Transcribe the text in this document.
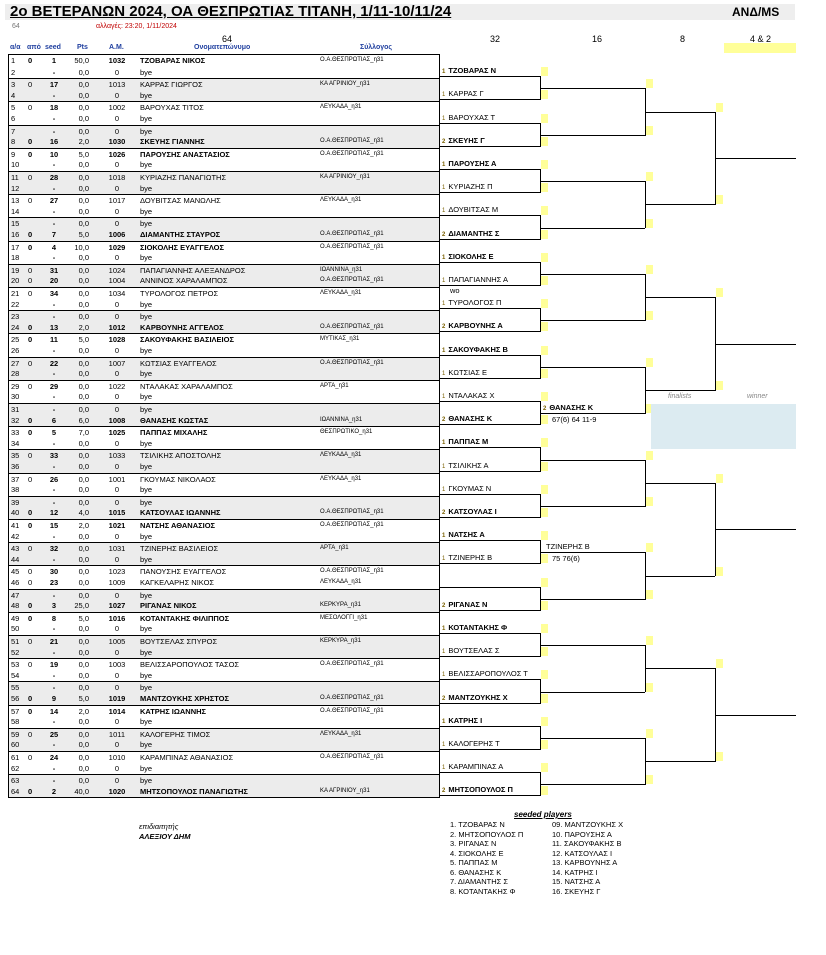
2ο ΒΕΤΕΡΑΝΩΝ 2024, ΟΑ ΘΕΣΠΡΩΤΙΑΣ ΤΙΤΑΝΗ, 1/11-10/11/24	ΑΝΔ/MS
64	αλλαγές: 23:20, 1/11/2024
64
α/α από seed Pts	Α.Μ.	Ονοματεπώνυμο	Σύλλογος
32	16	8	4 & 2
1	0	1	50,0	1032	ΤΖΟΒΑΡΑΣ ΝΙΚΟΣ	Ο.Α.ΘΕΣΠΡΩΤΙΑΣ_η31
2	-	0,0	0	bye
3	0	17	0,0	1013	ΚΑΡΡΑΣ ΓΙΩΡΓΟΣ	ΚΑ ΑΓΡΙΝΙΟΥ_η31
4	-	0,0	0	bye
5	0	18	0,0	1002	ΒΑΡΟΥΧΑΣ ΤΙΤΟΣ	ΛΕΥΚΑΔΑ_η31
6	-	0,0	0	bye
7	-	0,0	0	bye
8	0	16	2,0	1030	ΣΚΕΥΗΣ ΓΙΑΝΝΗΣ	Ο.Α.ΘΕΣΠΡΩΤΙΑΣ_η31
9	0	10	5,0	1026	ΠΑΡΟΥΣΗΣ ΑΝΑΣΤΑΣΙΟΣ	Ο.Α.ΘΕΣΠΡΩΤΙΑΣ_η31
10	-	0,0	0	bye
11	0	28	0,0	1018	ΚΥΡΙΑΖΗΣ ΠΑΝΑΓΙΩΤΗΣ	ΚΑ ΑΓΡΙΝΙΟΥ_η31
12	-	0,0	0	bye
13	0	27	0,0	1017	ΔΟΥΒΙΤΣΑΣ ΜΑΝΩΛΗΣ	ΛΕΥΚΑΔΑ_η31
14	-	0,0	0	bye
15	-	0,0	0	bye
16	0	7	5,0	1006	ΔΙΑΜΑΝΤΗΣ ΣΤΑΥΡΟΣ	Ο.Α.ΘΕΣΠΡΩΤΙΑΣ_η31
17	0	4	10,0	1029	ΣΙΟΚΟΛΗΣ ΕΥΑΓΓΕΛΟΣ	Ο.Α.ΘΕΣΠΡΩΤΙΑΣ_η31
18	-	0,0	0	bye
19	0	31	0,0	1024	ΠΑΠΑΓΙΑΝΝΗΣ ΑΛΕΞΑΝΔΡΟΣ	ΙΩΑΝΝΙΝΑ_η31
20	0	20	0,0	1004	ΑΝΝΙΝΟΣ ΧΑΡΑΛΑΜΠΟΣ	Ο.Α.ΘΕΣΠΡΩΤΙΑΣ_η31
21	0	34	0,0	1034	ΤΥΡΟΛΟΓΟΣ ΠΕΤΡΟΣ	ΛΕΥΚΑΔΑ_η31
22	-	0,0	0	bye
23	-	0,0	0	bye
24	0	13	2,0	1012	ΚΑΡΒΟΥΝΗΣ ΑΓΓΕΛΟΣ	Ο.Α.ΘΕΣΠΡΩΤΙΑΣ_η31
25	0	11	5,0	1028	ΣΑΚΟΥΦΑΚΗΣ ΒΑΣΙΛΕΙΟΣ	ΜΥΤΙΚΑΣ_η31
26	-	0,0	0	bye
27	0	22	0,0	1007	ΚΩΤΣΙΑΣ ΕΥΑΓΓΕΛΟΣ	Ο.Α.ΘΕΣΠΡΩΤΙΑΣ_η31
28	-	0,0	0	bye
29	0	29	0,0	1022	ΝΤΑΛΑΚΑΣ ΧΑΡΑΛΑΜΠΟΣ	ΑΡΤΑ_η31
30	-	0,0	0	bye
31	-	0,0	0	bye
32	0	6	6,0	1008	ΘΑΝΑΣΗΣ ΚΩΣΤΑΣ	ΙΩΑΝΝΙΝΑ_η31
33	0	5	7,0	1025	ΠΑΠΠΑΣ ΜΙΧΑΛΗΣ	ΘΕΣΠΡΩΤΙΚΟ_η31
34	-	0,0	0	bye
35	0	33	0,0	1033	ΤΣΙΛΙΚΗΣ ΑΠΟΣΤΟΛΗΣ	ΛΕΥΚΑΔΑ_η31
36	-	0,0	0	bye
37	0	26	0,0	1001	ΓΚΟΥΜΑΣ ΝΙΚΟΛΑΟΣ	ΛΕΥΚΑΔΑ_η31
38	-	0,0	0	bye
39	-	0,0	0	bye
40	0	12	4,0	1015	ΚΑΤΣΟΥΛΑΣ ΙΩΑΝΝΗΣ	Ο.Α.ΘΕΣΠΡΩΤΙΑΣ_η31
41	0	15	2,0	1021	ΝΑΤΣΗΣ ΑΘΑΝΑΣΙΟΣ	Ο.Α.ΘΕΣΠΡΩΤΙΑΣ_η31
42	-	0,0	0	bye
43	0	32	0,0	1031	ΤΖΙΝΕΡΗΣ ΒΑΣΙΛΕΙΟΣ	ΑΡΤΑ_η31
44	-	0,0	0	bye
45	0	30	0,0	1023	ΠΑΝΟΥΣΗΣ ΕΥΑΓΓΕΛΟΣ	Ο.Α.ΘΕΣΠΡΩΤΙΑΣ_η31
46	0	23	0,0	1009	ΚΑΓΚΕΛΑΡΗΣ ΝΙΚΟΣ	ΛΕΥΚΑΔΑ_η31
47	-	0,0	0	bye
48	0	3	25,0	1027	ΡΙΓΑΝΑΣ ΝΙΚΟΣ	ΚΕΡΚΥΡΑ_η31
49	0	8	5,0	1016	ΚΟΤΑΝΤΑΚΗΣ ΦΙΛΙΠΠΟΣ	ΜΕΣΟΛΟΓΓΙ_η31
50	-	0,0	0	bye
51	0	21	0,0	1005	ΒΟΥΤΣΕΛΑΣ ΣΠΥΡΟΣ	ΚΕΡΚΥΡΑ_η31
52	-	0,0	0	bye
53	0	19	0,0	1003	ΒΕΛΙΣΣΑΡΟΠΟΥΛΟΣ ΤΑΣΟΣ	Ο.Α.ΘΕΣΠΡΩΤΙΑΣ_η31
54	-	0,0	0	bye
55	-	0,0	0	bye
56	0	9	5,0	1019	ΜΑΝΤΖΟΥΚΗΣ ΧΡΗΣΤΟΣ	Ο.Α.ΘΕΣΠΡΩΤΙΑΣ_η31
57	0	14	2,0	1014	ΚΑΤΡΗΣ ΙΩΑΝΝΗΣ	Ο.Α.ΘΕΣΠΡΩΤΙΑΣ_η31
58	-	0,0	0	bye
59	0	25	0,0	1011	ΚΑΛΟΓΕΡΗΣ ΤΙΜΟΣ	ΛΕΥΚΑΔΑ_η31
60	-	0,0	0	bye
61	0	24	0,0	1010	ΚΑΡΑΜΠΙΝΑΣ ΑΘΑΝΑΣΙΟΣ	Ο.Α.ΘΕΣΠΡΩΤΙΑΣ_η31
62	-	0,0	0	bye
63	-	0,0	0	bye
64	0	2	40,0	1020	ΜΗΤΣΟΠΟΥΛΟΣ ΠΑΝΑΓΙΩΤΗΣ	ΚΑ ΑΓΡΙΝΙΟΥ_η31
1 ΤΖΟΒΑΡΑΣ Ν
1 ΚΑΡΡΑΣ Γ
1 ΒΑΡΟΥΧΑΣ Τ
2 ΣΚΕΥΗΣ Γ
1 ΠΑΡΟΥΣΗΣ Α
1 ΚΥΡΙΑΖΗΣ Π
1 ΔΟΥΒΙΤΣΑΣ Μ
2 ΔΙΑΜΑΝΤΗΣ Σ
1 ΣΙΟΚΟΛΗΣ Ε
1 ΠΑΠΑΓΙΑΝΝΗΣ Α
1 ΤΥΡΟΛΟΓΟΣ Π
2 ΚΑΡΒΟΥΝΗΣ Α
1 ΣΑΚΟΥΦΑΚΗΣ Β
1 ΚΩΤΣΙΑΣ Ε
1 ΝΤΑΛΑΚΑΣ Χ
2 ΘΑΝΑΣΗΣ Κ
1 ΠΑΠΠΑΣ Μ
1 ΤΣΙΛΙΚΗΣ Α
1 ΓΚΟΥΜΑΣ Ν
2 ΚΑΤΣΟΥΛΑΣ Ι
1 ΝΑΤΣΗΣ Α
1 ΤΖΙΝΕΡΗΣ Β
2 ΡΙΓΑΝΑΣ Ν
1 ΚΟΤΑΝΤΑΚΗΣ Φ
1 ΒΟΥΤΣΕΛΑΣ Σ
1 ΒΕΛΙΣΣΑΡΟΠΟΥΛΟΣ Τ
2 ΜΑΝΤΖΟΥΚΗΣ Χ
1 ΚΑΤΡΗΣ Ι
1 ΚΑΛΟΓΕΡΗΣ Τ
1 ΚΑΡΑΜΠΙΝΑΣ Α
2 ΜΗΤΣΟΠΟΥΛΟΣ Π
wo
2 ΘΑΝΑΣΗΣ Κ
67(6) 64 11-9
ΤΖΙΝΕΡΗΣ Β
75 76(6)
finalists	winner
επιδιαιτητής
ΑΛΕΞΙΟΥ ΔΗΜ
seeded players
1. ΤΖΟΒΑΡΑΣ Ν
2. ΜΗΤΣΟΠΟΥΛΟΣ Π
3. ΡΙΓΑΝΑΣ Ν
4. ΣΙΟΚΟΛΗΣ Ε
5. ΠΑΠΠΑΣ Μ
6. ΘΑΝΑΣΗΣ Κ
7. ΔΙΑΜΑΝΤΗΣ Σ
8. ΚΟΤΑΝΤΑΚΗΣ Φ
09. ΜΑΝΤΖΟΥΚΗΣ Χ
10. ΠΑΡΟΥΣΗΣ Α
11. ΣΑΚΟΥΦΑΚΗΣ Β
12. ΚΑΤΣΟΥΛΑΣ Ι
13. ΚΑΡΒΟΥΝΗΣ Α
14. ΚΑΤΡΗΣ Ι
15. ΝΑΤΣΗΣ Α
16. ΣΚΕΥΗΣ Γ
